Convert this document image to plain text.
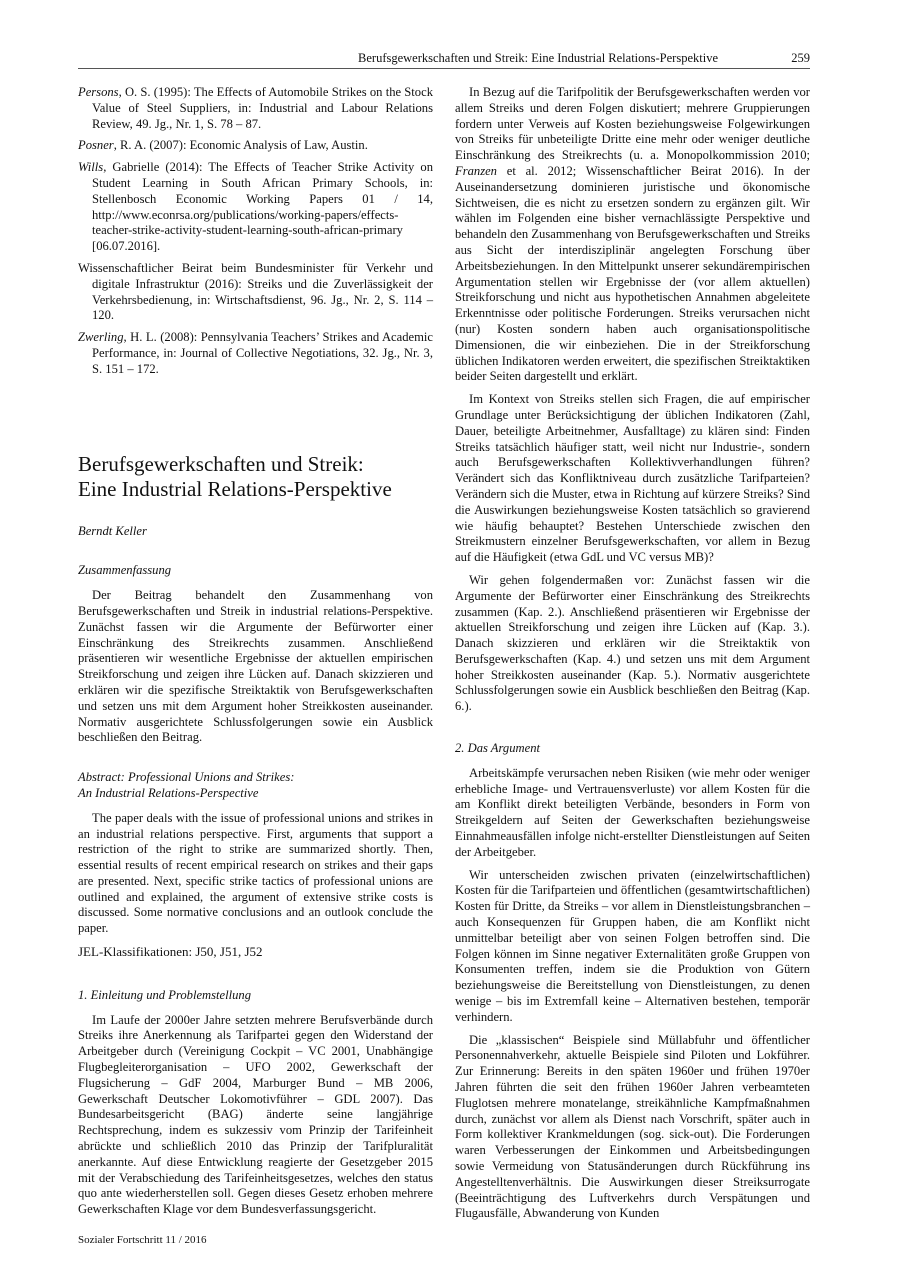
Berufsgewerkschaften und Streik: Eine Industrial Relations-Perspektive	259

Persons, O. S. (1995): The Effects of Automobile Strikes on the Stock Value of Steel Suppliers, in: Industrial and Labour Relations Review, 49. Jg., Nr. 1, S. 78 – 87.

Posner, R. A. (2007): Economic Analysis of Law, Austin.

Wills, Gabrielle (2014): The Effects of Teacher Strike Activity on Student Learning in South African Primary Schools, in: Stellenbosch Economic Working Papers 01 / 14, http://www.econrsa.org/publications/working-papers/effects-teacher-strike-activity-student-learning-south-african-primary [06.07.2016].

Wissenschaftlicher Beirat beim Bundesminister für Verkehr und digitale Infrastruktur (2016): Streiks und die Zuverlässigkeit der Verkehrsbedienung, in: Wirtschaftsdienst, 96. Jg., Nr. 2, S. 114 – 120.

Zwerling, H. L. (2008): Pennsylvania Teachers’ Strikes and Academic Performance, in: Journal of Collective Negotiations, 32. Jg., Nr. 3, S. 151 – 172.

Berufsgewerkschaften und Streik:
Eine Industrial Relations-Perspektive
Berndt Keller
Zusammenfassung

Der Beitrag behandelt den Zusammenhang von Berufsgewerkschaften und Streik in industrial relations-Perspektive. Zunächst fassen wir die Argumente der Befürworter einer Einschränkung des Streikrechts zusammen. Anschließend präsentieren wir wesentliche Ergebnisse der aktuellen empirischen Streikforschung und zeigen ihre Lücken auf. Danach skizzieren und erklären wir die spezifische Streiktaktik von Berufsgewerkschaften und setzen uns mit dem Argument hoher Streikkosten auseinander. Normativ ausgerichtete Schlussfolgerungen sowie ein Ausblick beschließen den Beitrag.

Abstract: Professional Unions and Strikes:
An Industrial Relations-Perspective

The paper deals with the issue of professional unions and strikes in an industrial relations perspective. First, arguments that support a restriction of the right to strike are summarized shortly. Then, essential results of recent empirical research on strikes and their gaps are presented. Next, specific strike tactics of professional unions are outlined and explained, the argument of extensive strike costs is discussed. Some normative conclusions and an outlook conclude the paper.

JEL-Klassifikationen: J50, J51, J52
1. Einleitung und Problemstellung

Im Laufe der 2000er Jahre setzten mehrere Berufsverbände durch Streiks ihre Anerkennung als Tarifpartei gegen den Widerstand der Arbeitgeber durch (Vereinigung Cockpit – VC 2001, Unabhängige Flugbegleiterorganisation – UFO 2002, Gewerkschaft der Flugsicherung – GdF 2004, Marburger Bund – MB 2006, Gewerkschaft Deutscher Lokomotivführer – GDL 2007). Das Bundesarbeitsgericht (BAG) änderte seine langjährige Rechtsprechung, indem es sukzessiv vom Prinzip der Tarifeinheit abrückte und schließlich 2010 das Prinzip der Tarifpluralität anerkannte. Auf diese Entwicklung reagierte der Gesetzgeber 2015 mit der Verabschiedung des Tarifeinheitsgesetzes, welches den status quo ante wiederherstellen soll. Gegen dieses Gesetz erhoben mehrere Gewerkschaften Klage vor dem Bundesverfassungsgericht.

In Bezug auf die Tarifpolitik der Berufsgewerkschaften werden vor allem Streiks und deren Folgen diskutiert; mehrere Gruppierungen fordern unter Verweis auf Kosten beziehungsweise Folgewirkungen von Streiks für unbeteiligte Dritte eine mehr oder weniger deutliche Einschränkung des Streikrechts (u. a. Monopolkommission 2010; Franzen et al. 2012; Wissenschaftlicher Beirat 2016). In der Auseinandersetzung dominieren juristische und ökonomische Sichtweisen, die es nicht zu ersetzen sondern zu ergänzen gilt. Wir wählen im Folgenden eine bisher vernachlässigte Perspektive und behandeln den Zusammenhang von Berufsgewerkschaften und Streiks aus Sicht der interdisziplinär angelegten Forschung über Arbeitsbeziehungen. In den Mittelpunkt unserer sekundärempirischen Argumentation stellen wir Ergebnisse der (vor allem aktuellen) Streikforschung und nicht aus hypothetischen Annahmen abgeleitete Erkenntnisse oder politische Forderungen. Streiks verursachen nicht (nur) Kosten sondern haben auch organisationspolitische Dimensionen, die wir einbeziehen. Die in der Streikforschung üblichen Indikatoren werden erweitert, die spezifischen Streiktaktiken beider Seiten dargestellt und erklärt.

Im Kontext von Streiks stellen sich Fragen, die auf empirischer Grundlage unter Berücksichtigung der üblichen Indikatoren (Zahl, Dauer, beteiligte Arbeitnehmer, Ausfalltage) zu klären sind: Finden Streiks tatsächlich häufiger statt, weil nicht nur Industrie-, sondern auch Berufsgewerkschaften Kollektivverhandlungen führen? Verändert sich das Konfliktniveau durch zusätzliche Tarifparteien? Verändern sich die Muster, etwa in Richtung auf kürzere Streiks? Sind die Auswirkungen beziehungsweise Kosten tatsächlich so gravierend wie häufig behauptet? Bestehen Unterschiede zwischen den Streikmustern einzelner Berufsgewerkschaften, vor allem in Bezug auf die Häufigkeit (etwa GdL und VC versus MB)?

Wir gehen folgendermaßen vor: Zunächst fassen wir die Argumente der Befürworter einer Einschränkung des Streikrechts zusammen (Kap. 2.). Anschließend präsentieren wir Ergebnisse der aktuellen Streikforschung und zeigen ihre Lücken auf (Kap. 3.). Danach skizzieren und erklären wir die Streiktaktik von Berufsgewerkschaften (Kap. 4.) und setzen uns mit dem Argument hoher Streikkosten auseinander (Kap. 5.). Normativ ausgerichtete Schlussfolgerungen sowie ein Ausblick beschließen den Beitrag (Kap. 6.).

2. Das Argument

Arbeitskämpfe verursachen neben Risiken (wie mehr oder weniger erhebliche Image- und Vertrauensverluste) vor allem Kosten für die am Konflikt direkt beteiligten Verbände, besonders in Form von Streikgeldern auf Seiten der Gewerkschaften beziehungsweise Einnahmeausfällen infolge nicht-erstellter Dienstleistungen auf Seiten der Arbeitgeber.

Wir unterscheiden zwischen privaten (einzelwirtschaftlichen) Kosten für die Tarifparteien und öffentlichen (gesamtwirtschaftlichen) Kosten für Dritte, da Streiks – vor allem in Dienstleistungsbranchen – auch Konsequenzen für Gruppen haben, die am Konflikt nicht unmittelbar beteiligt aber von seinen Folgen betroffen sind. Die Folgen können im Sinne negativer Externalitäten große Gruppen von Konsumenten treffen, indem sie die Produktion von Gütern beziehungsweise die Bereitstellung von Dienstleistungen, zu denen wenige – bis im Extremfall keine – Alternativen bestehen, temporär verhindern.

Die „klassischen“ Beispiele sind Müllabfuhr und öffentlicher Personennahverkehr, aktuelle Beispiele sind Piloten und Lokführer. Zur Erinnerung: Bereits in den späten 1960er und frühen 1970er Jahren führten die seit den frühen 1960er Jahren verbeamteten Fluglotsen mehrere monatelange, streikähnliche Kampfmaßnahmen durch, zunächst vor allem als Dienst nach Vorschrift, später auch in Form kollektiver Krankmeldungen (sog. sick-out). Die Forderungen waren Verbesserungen der Einkommen und Arbeitsbedingungen sowie Vermeidung von Statusänderungen durch Rückführung ins Angestelltenverhältnis. Die Auswirkungen dieser Streiksurrogate (Beeinträchtigung des Luftverkehrs durch Verspätungen und Flugausfälle, Abwanderung von Kunden

Sozialer Fortschritt 11 / 2016
